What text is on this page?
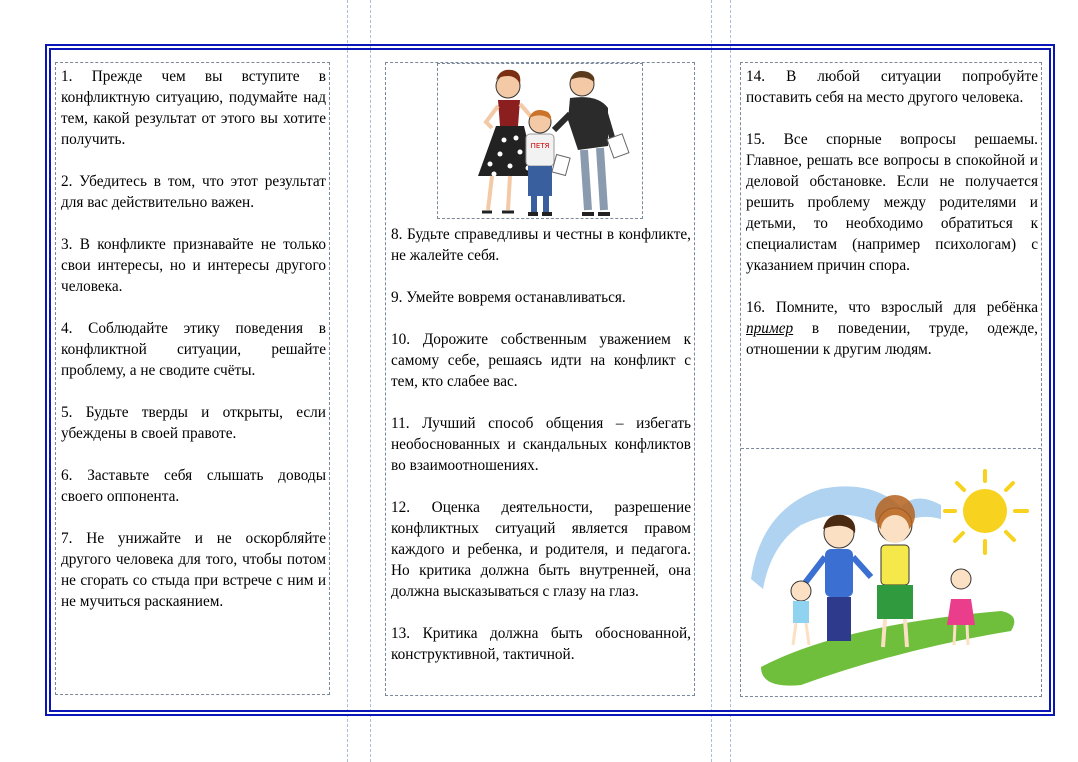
1. Прежде чем вы вступите в конфликтную ситуацию, подумайте над тем, какой результат от этого вы хотите получить.

2. Убедитесь в том, что этот результат для вас действительно важен.

3. В конфликте признавайте не только свои интересы, но и интересы другого человека.

4. Соблюдайте этику поведения в конфликтной ситуации, решайте проблему, а не сводите счёты.

5. Будьте тверды и открыты, если убеждены в своей правоте.

6. Заставьте себя слышать доводы своего оппонента.

7. Не унижайте и не оскорбляйте другого человека для того, чтобы потом не сгорать со стыда при встрече с ним и не мучиться раскаянием.

ПЕТЯ

8. Будьте справедливы и честны в конфликте, не жалейте себя.

9. Умейте вовремя останавливаться.

10. Дорожите собственным уважением к самому себе, решаясь идти на конфликт с тем, кто слабее вас.

11. Лучший способ общения – избегать необоснованных и скандальных конфликтов во взаимоотношениях.

12. Оценка деятельности, разрешение конфликтных ситуаций является правом каждого и ребенка, и родителя, и педагога. Но критика должна быть внутренней, она должна высказываться с глазу на глаз.

13. Критика должна быть обоснованной, конструктивной, тактичной.

14. В любой ситуации попробуйте поставить себя на место другого человека.

15. Все спорные вопросы решаемы. Главное, решать все вопросы в спокойной и деловой обстановке. Если не получается решить проблему между родителями и детьми, то необходимо обратиться к специалистам (например психологам) с указанием причин спора.

16. Помните, что взрослый для ребёнка пример в поведении, труде, одежде, отношении к другим людям.
